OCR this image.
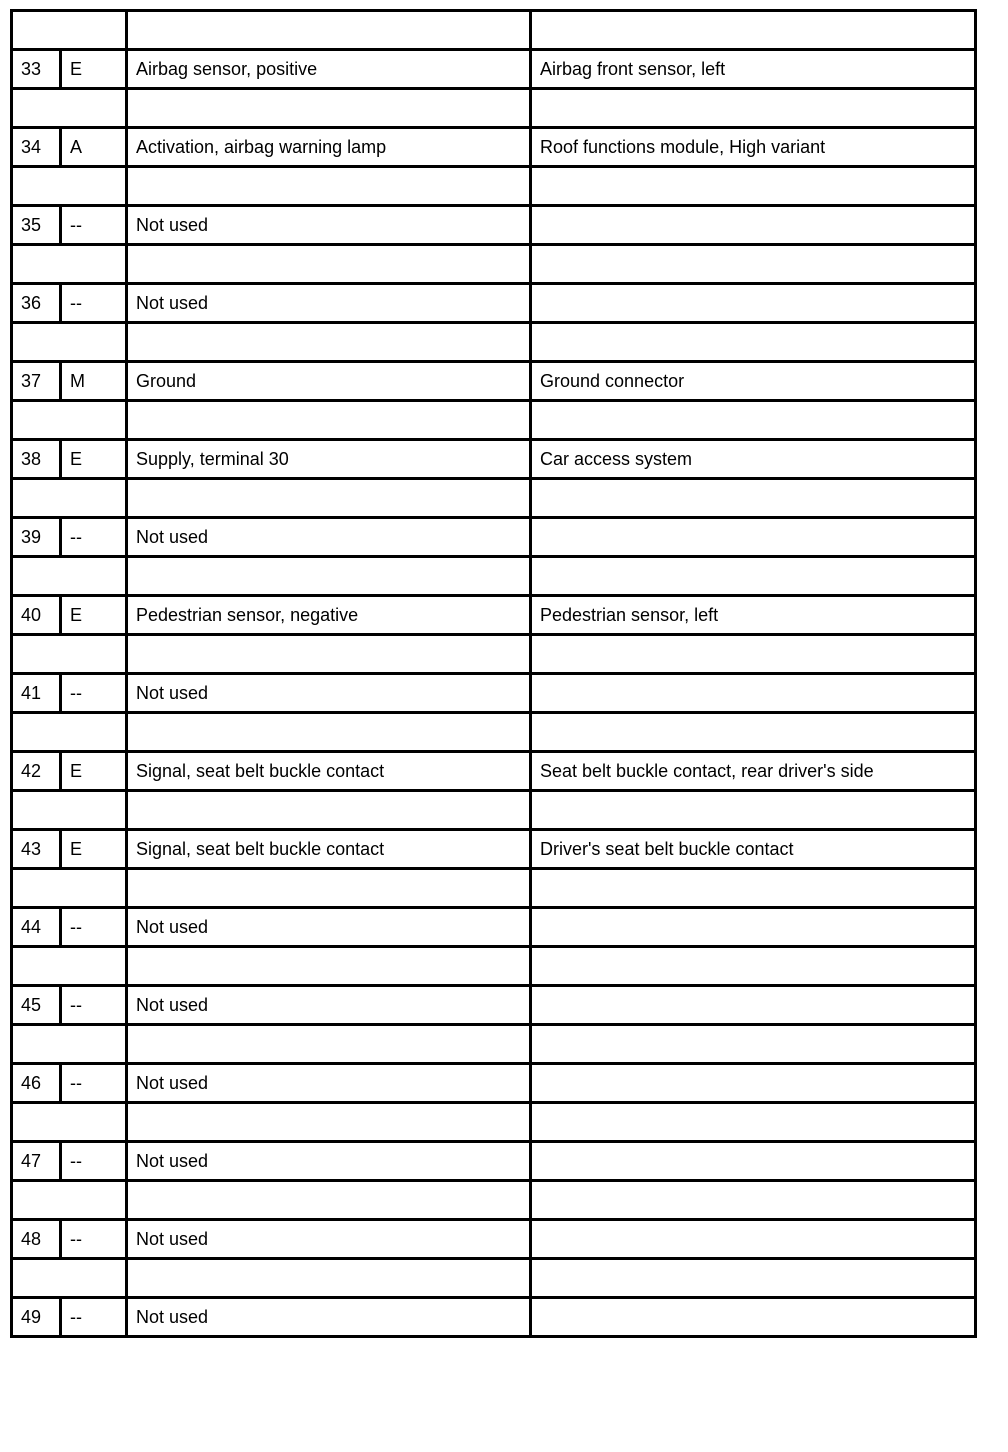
33	E	Airbag sensor, positive	Airbag front sensor, left

34	A	Activation, airbag warning lamp	Roof functions module, High variant

35	--	Not used	

36	--	Not used	

37	M	Ground	Ground connector

38	E	Supply, terminal 30	Car access system

39	--	Not used	

40	E	Pedestrian sensor, negative	Pedestrian sensor, left

41	--	Not used	

42	E	Signal, seat belt buckle contact	Seat belt buckle contact, rear driver's side

43	E	Signal, seat belt buckle contact	Driver's seat belt buckle contact

44	--	Not used	

45	--	Not used	

46	--	Not used	

47	--	Not used	

48	--	Not used	

49	--	Not used	
